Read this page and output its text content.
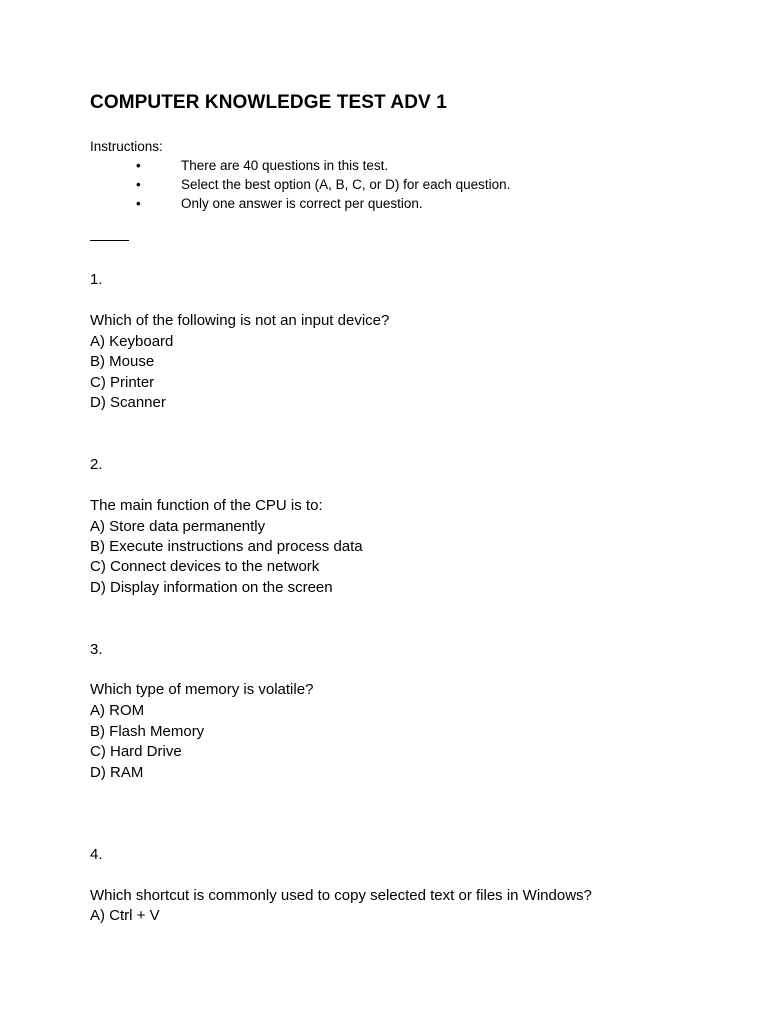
COMPUTER KNOWLEDGE TEST ADV 1
Instructions:
•	There are 40 questions in this test.
•	Select the best option (A, B, C, or D) for each question.
•	Only one answer is correct per question.
1.
Which of the following is not an input device?
A) Keyboard
B) Mouse
C) Printer
D) Scanner
2.
The main function of the CPU is to:
A) Store data permanently
B) Execute instructions and process data
C) Connect devices to the network
D) Display information on the screen
3.
Which type of memory is volatile?
A) ROM
B) Flash Memory
C) Hard Drive
D) RAM
4.
Which shortcut is commonly used to copy selected text or files in Windows?
A) Ctrl + V
